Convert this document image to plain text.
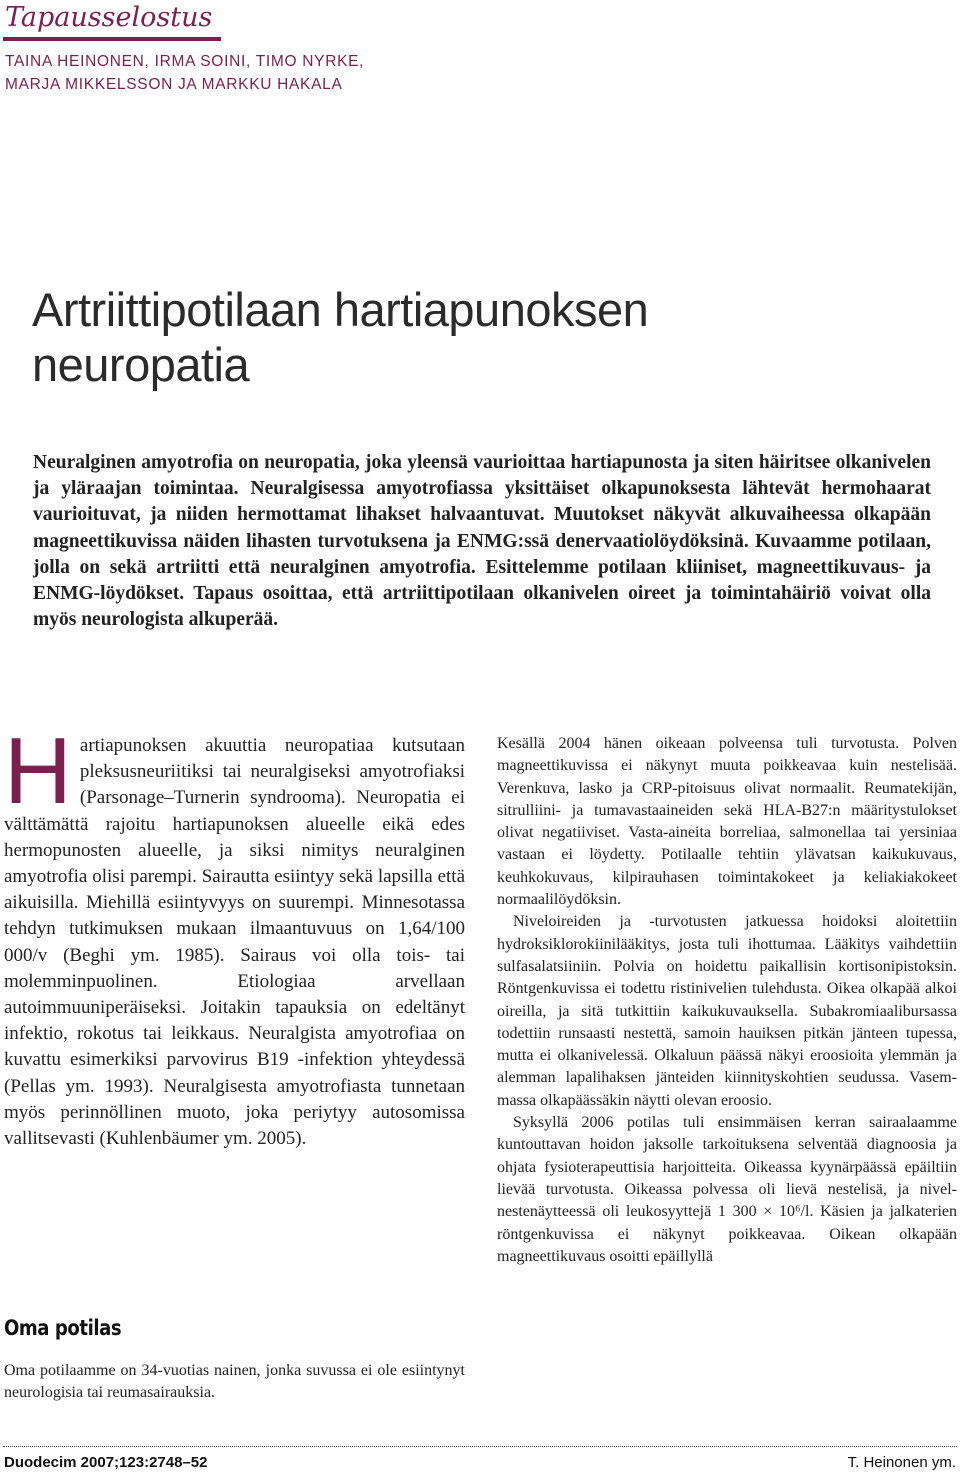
Tapausselostus
TAINA HEINONEN, IRMA SOINI, TIMO NYRKE,
MARJA MIKKELSSON JA MARKKU HAKALA
Artriittipotilaan hartiapunoksen
neuropatia

Neuralginen amyotrofia on neuropatia, joka yleensä vaurioittaa hartiapunosta ja siten häiritsee olkanivelen ja yläraajan toimintaa. Neuralgisessa amyotrofiassa yksittäiset olkapunoksesta lähtevät hermohaarat vaurioituvat, ja niiden hermottamat lihakset halvaantuvat. Muutokset näkyvät alkuvaiheessa olkapään magneettikuvissa näiden lihasten turvotuksena ja ENMG:ssä denervaatiolöydöksinä. Kuvaamme potilaan, jolla on sekä artriitti että neuralginen amyotrofia. Esittelemme potilaan kliiniset, magneettikuvaus- ja ENMG-löydökset. Tapaus osoittaa, että artriittipotilaan olkanivelen oireet ja toimintahäiriö voivat olla myös neurologista alkuperää.

Hartiapunoksen akuuttia neuropatiaa kutsutaan pleksusneuriitiksi tai neuralgiseksi amyotrofiaksi (Parsonage–Turnerin syndrooma). Neuropatia ei välttämättä rajoitu hartiapunoksen alueelle eikä edes hermopunosten alueelle, ja siksi nimitys neuralginen amyotrofia olisi parempi. Sairautta esiintyy sekä lapsilla että aikuisilla. Miehillä esiintyvyys on suurempi. Minnesotassa tehdyn tutkimuksen mukaan ilmaantuvuus on 1,64/100 000/v (Beghi ym. 1985). Sairaus voi olla tois- tai molemminpuolinen. Etiologiaa arvellaan autoimmuuniperäiseksi. Joitakin tapauksia on edeltänyt infektio, rokotus tai leikkaus. Neuralgista amyotrofiaa on kuvattu esimerkiksi parvovirus B19 -infektion yhteydessä (Pellas ym. 1993). Neuralgisesta amyotrofiasta tunnetaan myös perinnöllinen muoto, joka periytyy autosomissa vallitsevasti (Kuhlenbäumer ym. 2005).

Oma potilas

Oma potilaamme on 34-vuotias nainen, jonka suvussa ei ole esiintynyt neurologisia tai reumasairauksia.

Kesällä 2004 hänen oikeaan polveensa tuli turvotusta. Polven magneettikuvissa ei näkynyt muuta poikkeavaa kuin nestelisää. Verenkuva, lasko ja CRP-pitoisuus olivat normaalit. Reumatekijän, sitrulliini- ja tumavastaaineiden sekä HLA-B27:n määritystulokset olivat negatiiviset. Vasta-aineita borreliaa, salmonellaa tai yersiniaa vastaan ei löydetty. Potilaalle tehtiin ylävatsan kaikukuvaus, keuhkokuvaus, kilpirauhasen toimintakokeet ja keliakiakokeet normaalilöydöksin.

Niveloireiden ja -turvotusten jatkuessa hoidoksi aloitettiin hydroksiklorokiinilääkitys, josta tuli ihottumaa. Lääkitys vaihdettiin sulfasalatsiiniin. Polvia on hoidettu paikallisin kortisonipistoksin. Röntgenkuvissa ei todettu ristinivelien tulehdusta. Oikea olkapää alkoi oireilla, ja sitä tutkittiin kaikukuvauksella. Subakromiaalibursassa todettiin runsaasti nestettä, samoin hauiksen pitkän jänteen tupessa, mutta ei olkanivelessä. Olkaluun päässä näkyi eroosioita ylemmän ja alemman lapalihaksen jänteiden kiinnityskohtien seudussa. Vasemmassa olkapäässäkin näytti olevan eroosio.

Syksyllä 2006 potilas tuli ensimmäisen kerran sairaalaamme kuntouttavan hoidon jaksolle tarkoituksena selventää diagnoosia ja ohjata fysioterapeuttisia harjoitteita. Oikeassa kyynärpäässä epäiltiin lievää turvotusta. Oikeassa polvessa oli lievä nestelisä, ja nivelnestenäytteessä oli leukosyyttejä 1 300 × 10⁶/l. Käsien ja jalkaterien röntgenkuvissa ei näkynyt poikkeavaa. Oikean olkapään magneettikuvaus osoitti epäillyllä

Duodecim 2007;123:2748–52	T. Heinonen ym.
